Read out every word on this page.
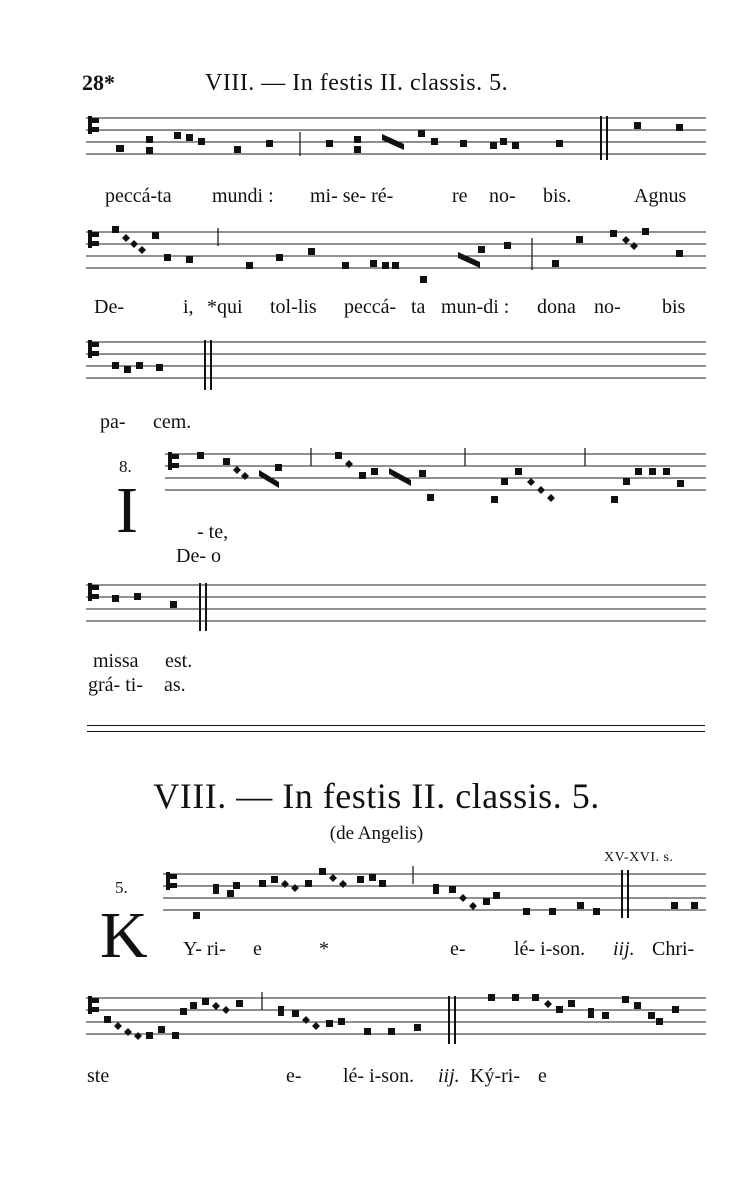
28*	VIII. — In festis II. classis. 5.
peccá-ta mundi : mi- se- ré-	re no- bis.	Agnus
De-	i, *qui tol-lis peccá- ta mun-di : dona no- bis
pa- cem.
8.
I	- te,
De- o
missa est.
grá- ti- as.
VIII. — In festis II. classis. 5.
(de Angelis)
XV-XVI. s.
5.
K Y- ri- e	*	e- lé- i-son. iij. Chri-
ste	e- lé- i-son. iij. Ký-ri- e
